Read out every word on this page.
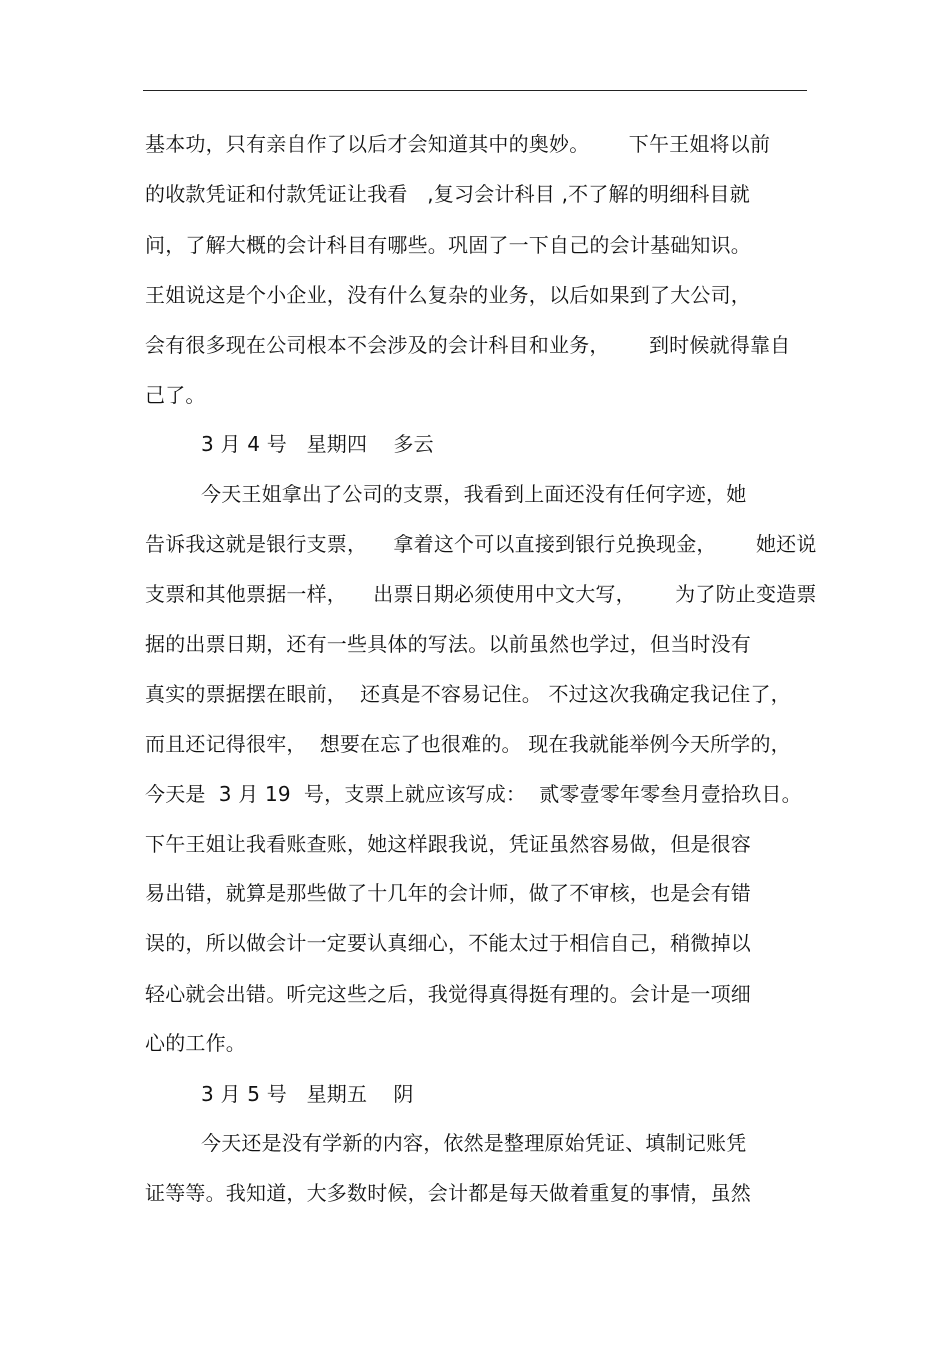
基本功，只有亲自作了以后才会知道其中的奥妙。      下午王姐将以前
的收款凭证和付款凭证让我看   ,复习会计科目 ,不了解的明细科目就
问，了解大概的会计科目有哪些。巩固了一下自己的会计基础知识。
王姐说这是个小企业，没有什么复杂的业务，以后如果到了大公司，
会有很多现在公司根本不会涉及的会计科目和业务，      到时候就得靠自
己了。
3 月 4 号   星期四    多云
今天王姐拿出了公司的支票，我看到上面还没有任何字迹，她
告诉我这就是银行支票，    拿着这个可以直接到银行兑换现金，      她还说
支票和其他票据一样，    出票日期必须使用中文大写，      为了防止变造票
据的出票日期，还有一些具体的写法。以前虽然也学过，但当时没有
真实的票据摆在眼前，  还真是不容易记住。 不过这次我确定我记住了，
而且还记得很牢，  想要在忘了也很难的。 现在我就能举例今天所学的，
今天是  3 月 19  号，支票上就应该写成：  贰零壹零年零叁月壹拾玖日。
下午王姐让我看账查账，她这样跟我说，凭证虽然容易做，但是很容
易出错，就算是那些做了十几年的会计师，做了不审核，也是会有错
误的，所以做会计一定要认真细心，不能太过于相信自己，稍微掉以
轻心就会出错。听完这些之后，我觉得真得挺有理的。会计是一项细
心的工作。
3 月 5 号   星期五    阴
今天还是没有学新的内容，依然是整理原始凭证、填制记账凭
证等等。我知道，大多数时候，会计都是每天做着重复的事情，虽然
